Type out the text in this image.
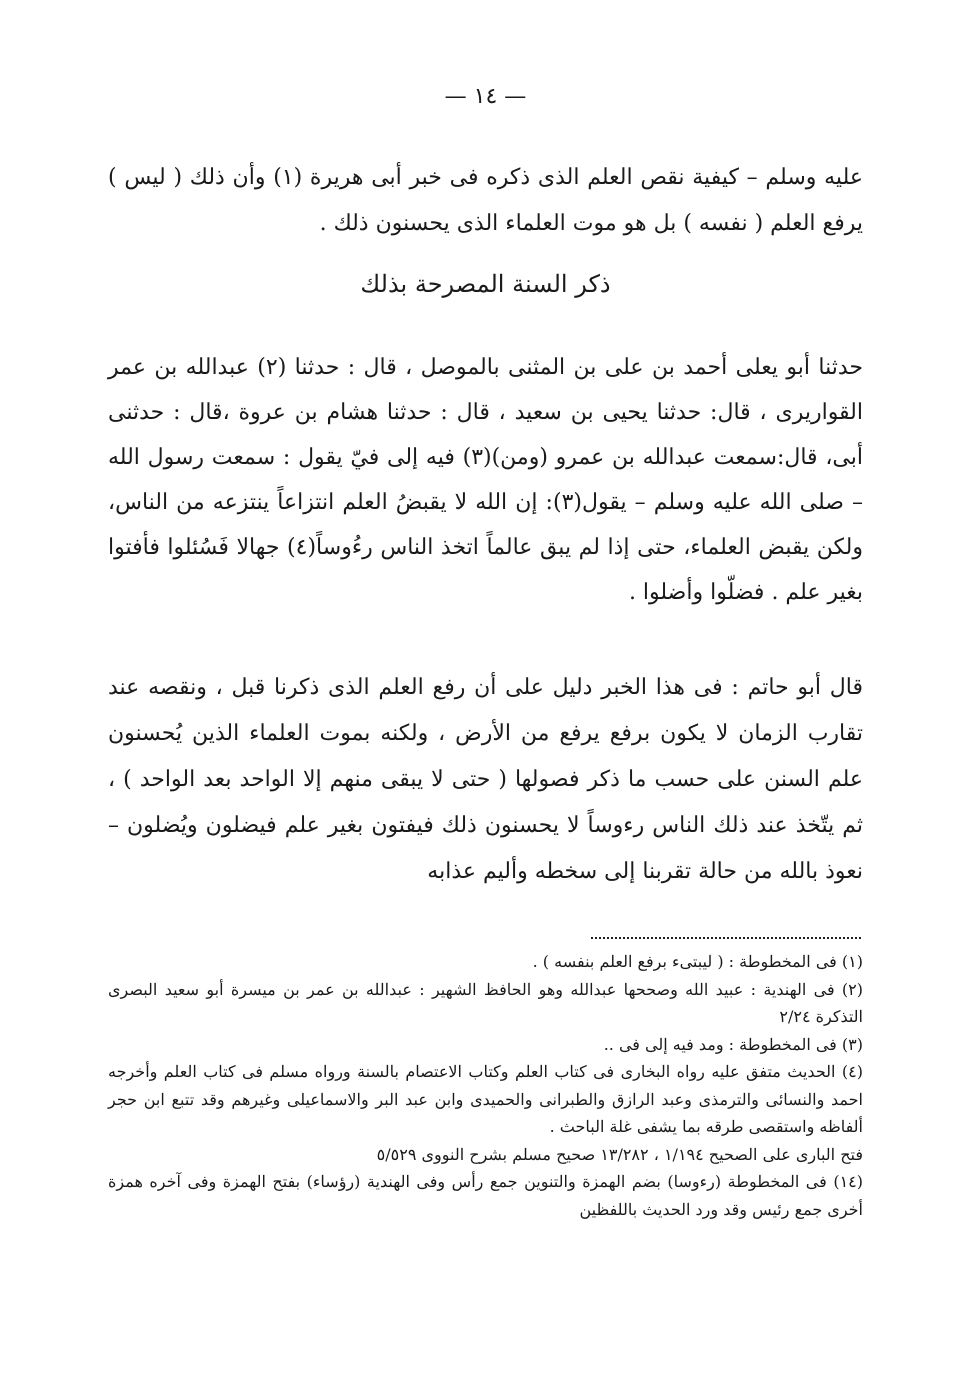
— ١٤ —
عليه وسلم – كيفية نقص العلم الذى ذكره فى خبر أبى هريرة (١) وأن ذلك ( ليس ) يرفع العلم ( نفسه ) بل هو موت العلماء الذى يحسنون ذلك .
ذكر السنة المصرحة بذلك
حدثنا أبو يعلى أحمد بن على بن المثنى بالموصل ، قال : حدثنا (٢) عبدالله بن عمر القواريرى ، قال: حدثنا يحيى بن سعيد ، قال : حدثنا هشام بن عروة ،قال : حدثنى أبى، قال:سمعت عبدالله بن عمرو (ومن)(٣) فيه إلى فيّ يقول : سمعت رسول الله – صلى الله عليه وسلم – يقول(٣): إن الله لا يقبضُ العلم انتزاعاً ينتزعه من الناس، ولكن يقبض العلماء، حتى إذا لم يبق عالماً اتخذ الناس رءُوساً(٤) جهالا فَسُئلوا فأفتوا بغير علم . فضلّوا وأضلوا .
قال أبو حاتم : فى هذا الخبر دليل على أن رفع العلم الذى ذكرنا قبل ، ونقصه عند تقارب الزمان لا يكون برفع يرفع من الأرض ، ولكنه بموت العلماء الذين يُحسنون علم السنن على حسب ما ذكر فصولها ( حتى لا يبقى منهم إلا الواحد بعد الواحد ) ، ثم يتّخذ عند ذلك الناس رءوساً لا يحسنون ذلك فيفتون بغير علم فيضلون ويُضلون – نعوذ بالله من حالة تقربنا إلى سخطه وأليم عذابه
(١) فى المخطوطة : ( ليبتىء برفع العلم بنفسه ) .
(٢) فى الهندية : عبيد الله وصححها عبدالله وهو الحافظ الشهير : عبدالله بن عمر بن ميسرة أبو سعيد البصرى التذكرة ٢/٢٤
(٣) فى المخطوطة : ومد فيه إلى فى ..
(٤) الحديث متفق عليه رواه البخارى فى كتاب العلم وكتاب الاعتصام بالسنة ورواه مسلم فى كتاب العلم وأخرجه احمد والنسائى والترمذى وعبد الرازق والطبرانى والحميدى وابن عبد البر والاسماعيلى وغيرهم وقد تتبع ابن حجر ألفاظه واستقصى طرقه بما يشفى غلة الباحث .
فتح البارى على الصحيح ١/١٩٤ ، ١٣/٢٨٢ صحيح مسلم بشرح النووى ٥/٥٢٩
(١٤) فى المخطوطة (رءوسا) بضم الهمزة والتنوين جمع رأس وفى الهندية (رؤساء) بفتح الهمزة وفى آخره همزة أخرى جمع رئيس وقد ورد الحديث باللفظين
